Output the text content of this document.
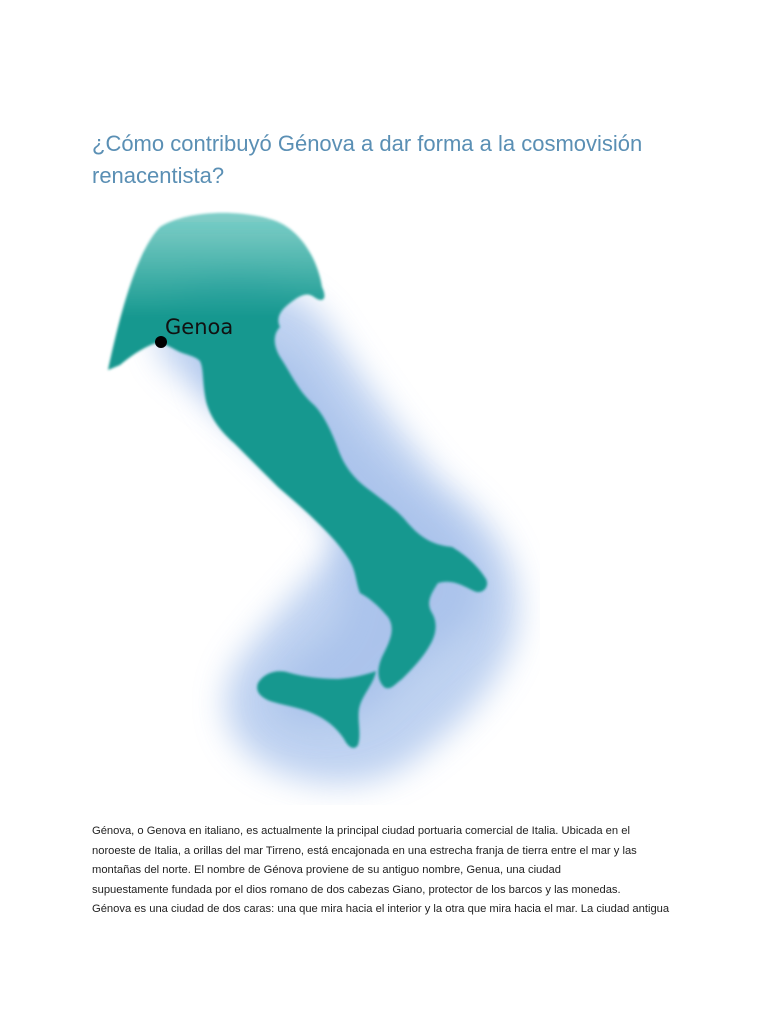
¿Cómo contribuyó Génova a dar forma a la cosmovisión renacentista?
Genoa
Génova, o Genova en italiano, es actualmente la principal ciudad portuaria comercial de Italia. Ubicada en el
noroeste de Italia, a orillas del mar Tirreno, está encajonada en una estrecha franja de tierra entre el mar y las
montañas del norte. El nombre de Génova proviene de su antiguo nombre, Genua, una ciudad
supuestamente fundada por el dios romano de dos cabezas Giano, protector de los barcos y las monedas.
Génova es una ciudad de dos caras: una que mira hacia el interior y la otra que mira hacia el mar. La ciudad antigua
